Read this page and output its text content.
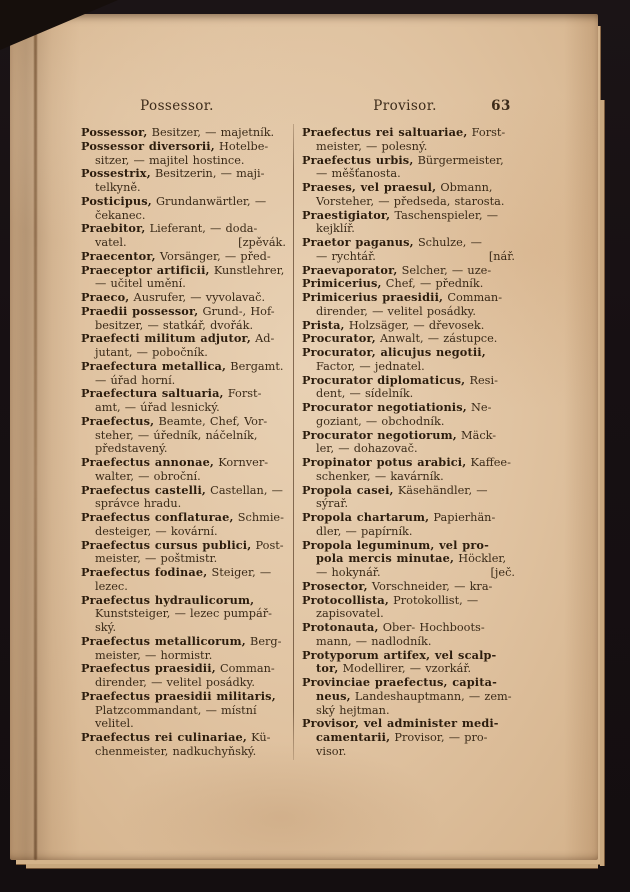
Possessor.	Provisor.	63
Possessor, Besitzer, — majetník.
Possessor diversorii, Hotelbe-
sitzer, — majitel hostince.
Possestrix, Besitzerin, — maji-
telkyně.
Posticipus, Grundanwärtler, —
čekanec.
Praebitor, Lieferant, — doda-
vatel.	[zpěvák.
Praecentor, Vorsänger, — před-
Praeceptor artificii, Kunstlehrer,
— učitel umění.
Praeco, Ausrufer, — vyvolavač.
Praedii possessor, Grund-, Hof-
besitzer, — statkář, dvořák.
Praefecti militum adjutor, Ad-
jutant, — pobočník.
Praefectura metallica, Bergamt.
— úřad horní.
Praefectura saltuaria, Forst-
amt, — úřad lesnický.
Praefectus, Beamte, Chef, Vor-
steher, — úředník, náčelník,
představený.
Praefectus annonae, Kornver-
walter, — obroční.
Praefectus castelli, Castellan, —
správce hradu.
Praefectus conflaturae, Schmie-
desteiger, — kovární.
Praefectus cursus publici, Post-
meister, — poštmistr.
Praefectus fodinae, Steiger, —
lezec.
Praefectus hydraulicorum,
Kunststeiger, — lezec pumpář-
ský.
Praefectus metallicorum, Berg-
meister, — hormistr.
Praefectus praesidii, Comman-
dirender, — velitel posádky.
Praefectus praesidii militaris,
Platzcommandant, — místní
velitel.
Praefectus rei culinariae, Kü-
chenmeister, nadkuchyňský.
Praefectus rei saltuariae, Forst-
meister, — polesný.
Praefectus urbis, Bürgermeister,
— měšťanosta.
Praeses, vel praesul, Obmann,
Vorsteher, — předseda, starosta.
Praestigiator, Taschenspieler, —
kejklíř.
Praetor paganus, Schulze, —
— rychtář.	[nář.
Praevaporator, Selcher, — uze-
Primicerius, Chef, — předník.
Primicerius praesidii, Comman-
dirender, — velitel posádky.
Prista, Holzsäger, — dřevosek.
Procurator, Anwalt, — zástupce.
Procurator, alicujus negotii,
Factor, — jednatel.
Procurator diplomaticus, Resi-
dent, — sídelník.
Procurator negotiationis, Ne-
goziant, — obchodník.
Procurator negotiorum, Mäck-
ler, — dohazovač.
Propinator potus arabici, Kaffee-
schenker, — kavárník.
Propola casei, Käsehändler, —
sýrař.
Propola chartarum, Papierhän-
dler, — papírník.
Propola leguminum, vel pro-
pola mercis minutae, Höckler,
— hokynář.	[ječ.
Prosector, Vorschneider, — kra-
Protocollista, Protokollist, —
zapisovatel.
Protonauta, Ober- Hochboots-
mann, — nadlodník.
Protyporum artifex, vel scalp-
tor, Modellirer, — vzorkář.
Provinciae praefectus, capita-
neus, Landeshauptmann, — zem-
ský hejtman.
Provisor, vel administer medi-
camentarii, Provisor, — pro-
visor.
